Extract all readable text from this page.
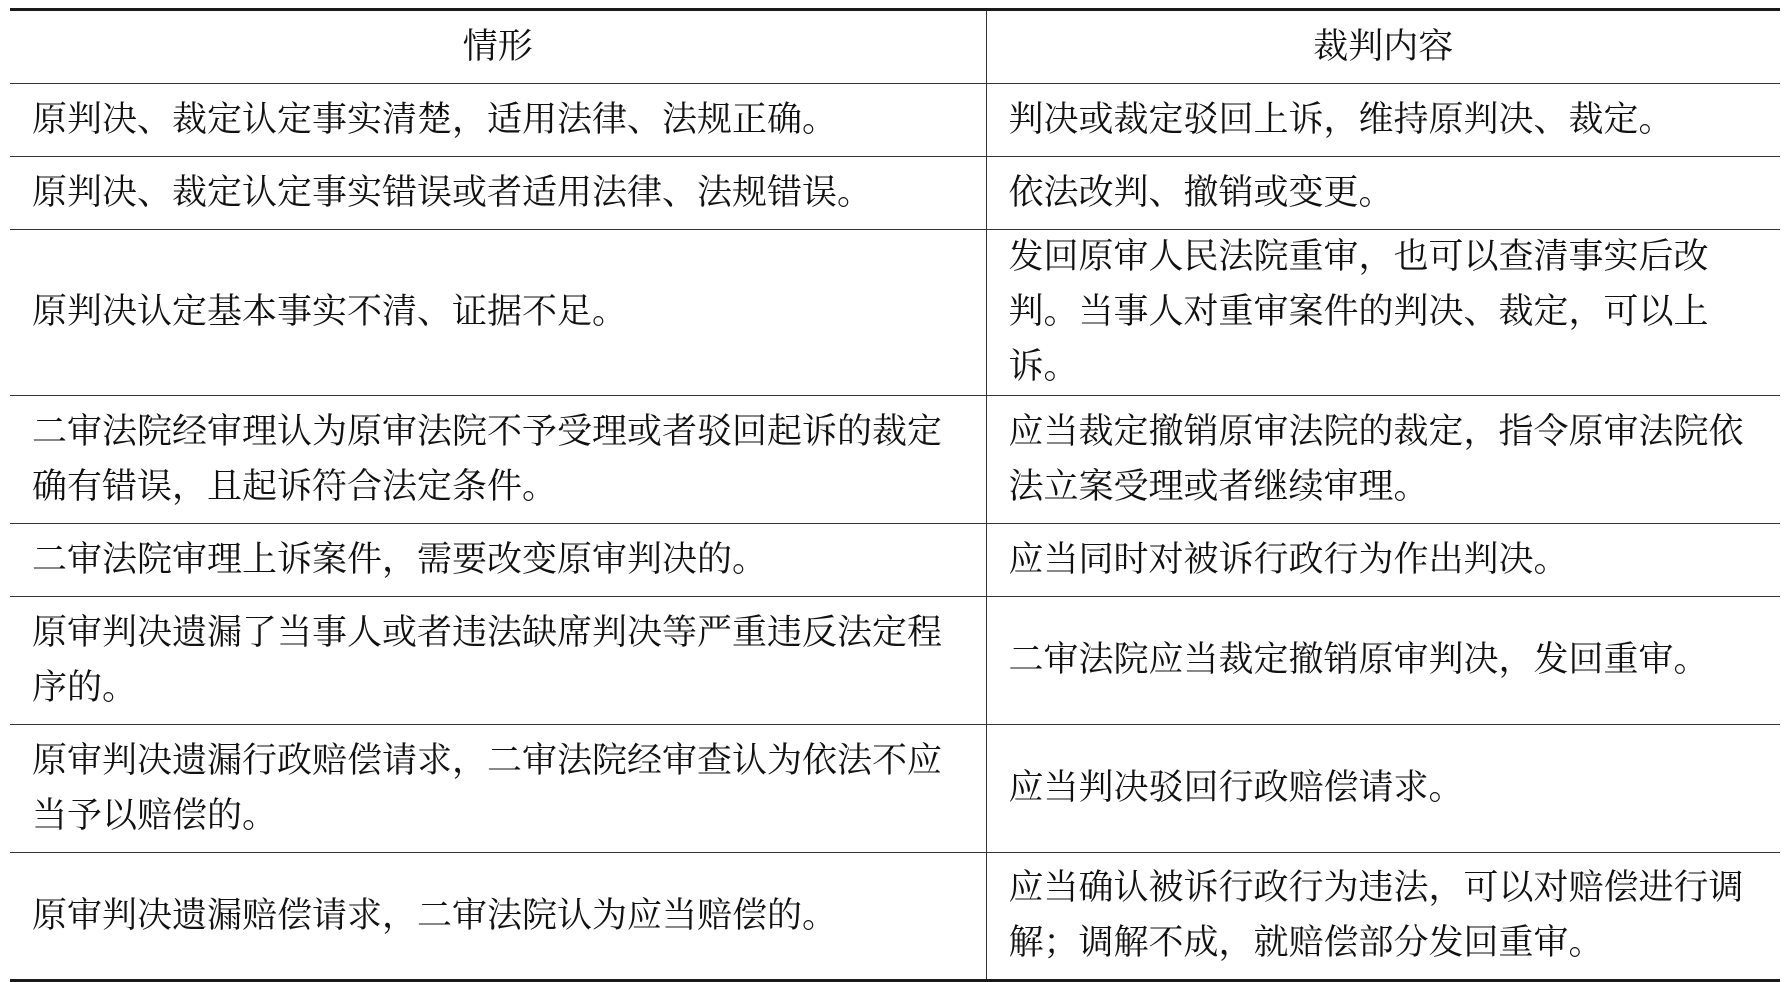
情形	裁判内容
原判决、裁定认定事实清楚，适用法律、法规正确。	判决或裁定驳回上诉，维持原判决、裁定。
原判决、裁定认定事实错误或者适用法律、法规错误。	依法改判、撤销或变更。
原判决认定基本事实不清、证据不足。	发回原审人民法院重审，也可以查清事实后改判。当事人对重审案件的判决、裁定，可以上诉。
二审法院经审理认为原审法院不予受理或者驳回起诉的裁定确有错误，且起诉符合法定条件。	应当裁定撤销原审法院的裁定，指令原审法院依法立案受理或者继续审理。
二审法院审理上诉案件，需要改变原审判决的。	应当同时对被诉行政行为作出判决。
原审判决遗漏了当事人或者违法缺席判决等严重违反法定程序的。	二审法院应当裁定撤销原审判决，发回重审。
原审判决遗漏行政赔偿请求，二审法院经审查认为依法不应当予以赔偿的。	应当判决驳回行政赔偿请求。
原审判决遗漏赔偿请求，二审法院认为应当赔偿的。	应当确认被诉行政行为违法，可以对赔偿进行调解；调解不成，就赔偿部分发回重审。
